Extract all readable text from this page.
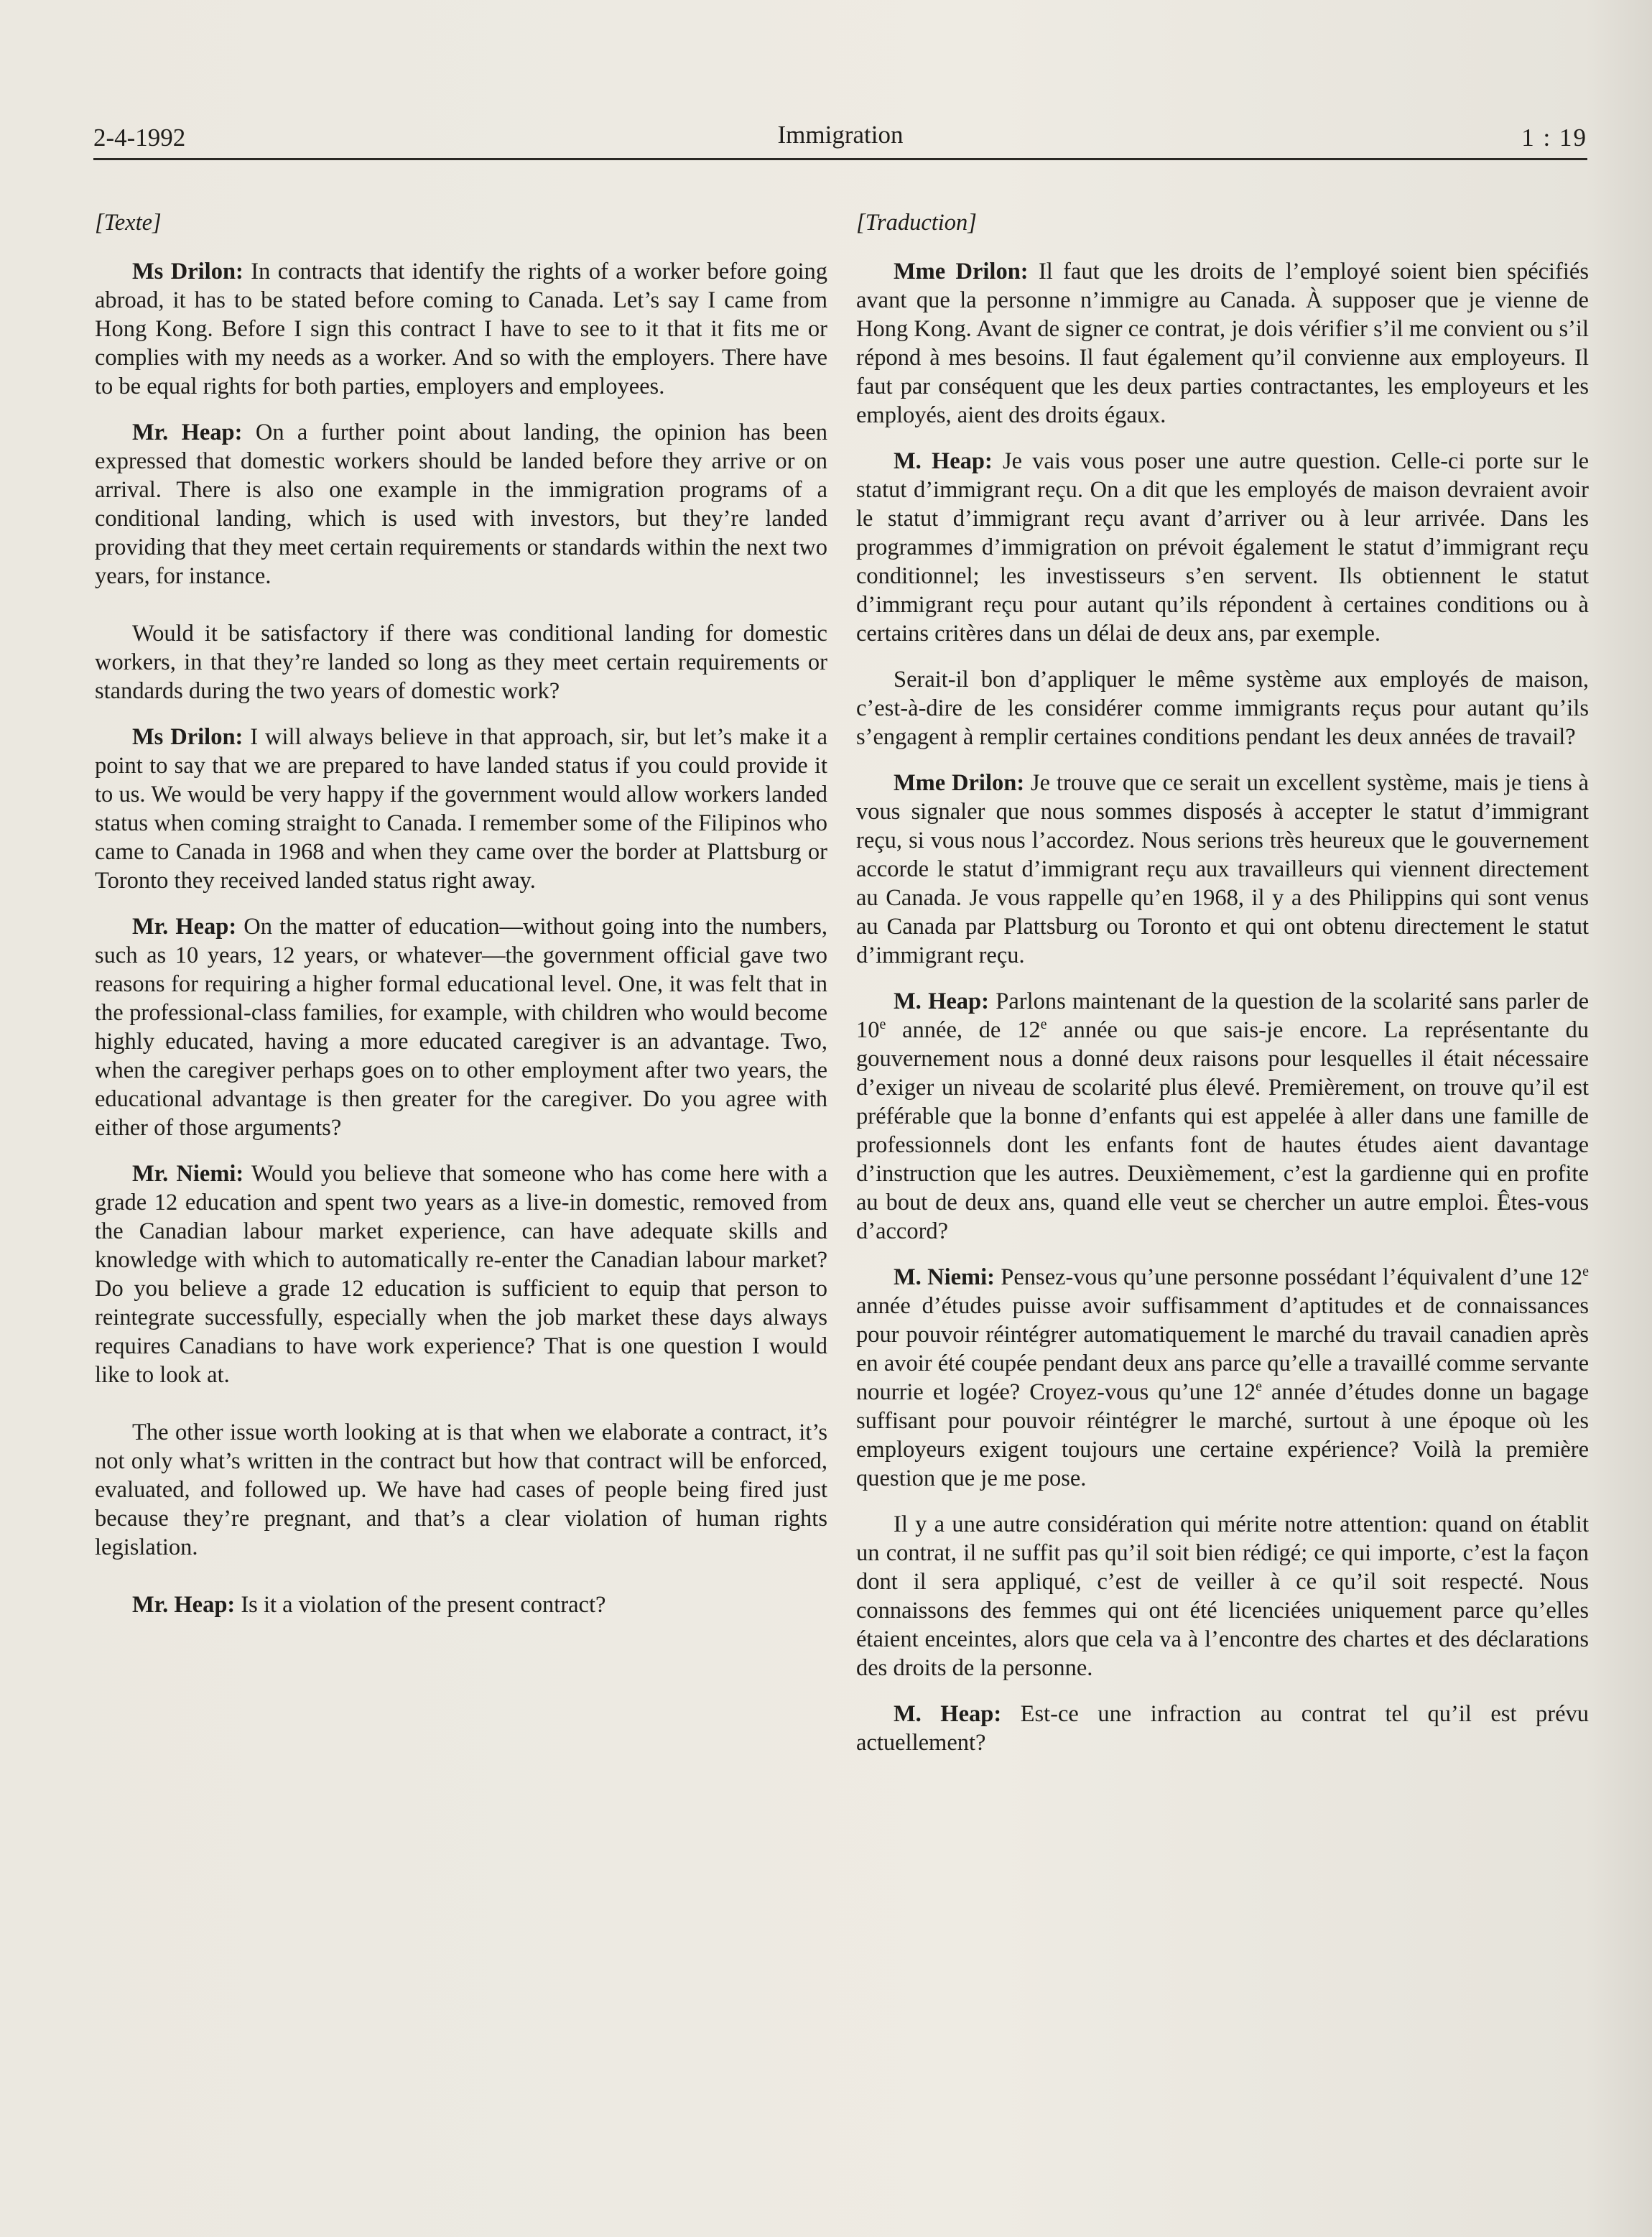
2-4-1992	Immigration	1 : 19

[Texte]

Ms Drilon: In contracts that identify the rights of a worker before going abroad, it has to be stated before coming to Canada. Let’s say I came from Hong Kong. Before I sign this contract I have to see to it that it fits me or complies with my needs as a worker. And so with the employers. There have to be equal rights for both parties, employers and employees.

Mr. Heap: On a further point about landing, the opinion has been expressed that domestic workers should be landed before they arrive or on arrival. There is also one example in the immigration programs of a conditional landing, which is used with investors, but they’re landed providing that they meet certain requirements or standards within the next two years, for instance.

Would it be satisfactory if there was conditional landing for domestic workers, in that they’re landed so long as they meet certain requirements or standards during the two years of domestic work?

Ms Drilon: I will always believe in that approach, sir, but let’s make it a point to say that we are prepared to have landed status if you could provide it to us. We would be very happy if the government would allow workers landed status when coming straight to Canada. I remember some of the Filipinos who came to Canada in 1968 and when they came over the border at Plattsburg or Toronto they received landed status right away.

Mr. Heap: On the matter of education—without going into the numbers, such as 10 years, 12 years, or whatever—the government official gave two reasons for requiring a higher formal educational level. One, it was felt that in the professional-class families, for example, with children who would become highly educated, having a more educated caregiver is an advantage. Two, when the caregiver perhaps goes on to other employment after two years, the educational advantage is then greater for the caregiver. Do you agree with either of those arguments?

Mr. Niemi: Would you believe that someone who has come here with a grade 12 education and spent two years as a live-in domestic, removed from the Canadian labour market experience, can have adequate skills and knowledge with which to automatically re-enter the Canadian labour market? Do you believe a grade 12 education is sufficient to equip that person to reintegrate successfully, especially when the job market these days always requires Canadians to have work experience? That is one question I would like to look at.

The other issue worth looking at is that when we elaborate a contract, it’s not only what’s written in the contract but how that contract will be enforced, evaluated, and followed up. We have had cases of people being fired just because they’re pregnant, and that’s a clear violation of human rights legislation.

Mr. Heap: Is it a violation of the present contract?

[Traduction]

Mme Drilon: Il faut que les droits de l’employé soient bien spécifiés avant que la personne n’immigre au Canada. À supposer que je vienne de Hong Kong. Avant de signer ce contrat, je dois vérifier s’il me convient ou s’il répond à mes besoins. Il faut également qu’il convienne aux employeurs. Il faut par conséquent que les deux parties contractantes, les employeurs et les employés, aient des droits égaux.

M. Heap: Je vais vous poser une autre question. Celle-ci porte sur le statut d’immigrant reçu. On a dit que les employés de maison devraient avoir le statut d’immigrant reçu avant d’arriver ou à leur arrivée. Dans les programmes d’immigration on prévoit également le statut d’immigrant reçu conditionnel; les investisseurs s’en servent. Ils obtiennent le statut d’immigrant reçu pour autant qu’ils répondent à certaines conditions ou à certains critères dans un délai de deux ans, par exemple.

Serait-il bon d’appliquer le même système aux employés de maison, c’est-à-dire de les considérer comme immigrants reçus pour autant qu’ils s’engagent à remplir certaines conditions pendant les deux années de travail?

Mme Drilon: Je trouve que ce serait un excellent système, mais je tiens à vous signaler que nous sommes disposés à accepter le statut d’immigrant reçu, si vous nous l’accordez. Nous serions très heureux que le gouvernement accorde le statut d’immigrant reçu aux travailleurs qui viennent directement au Canada. Je vous rappelle qu’en 1968, il y a des Philippins qui sont venus au Canada par Plattsburg ou Toronto et qui ont obtenu directement le statut d’immigrant reçu.

M. Heap: Parlons maintenant de la question de la scolarité sans parler de 10e année, de 12e année ou que sais-je encore. La représentante du gouvernement nous a donné deux raisons pour lesquelles il était nécessaire d’exiger un niveau de scolarité plus élevé. Premièrement, on trouve qu’il est préférable que la bonne d’enfants qui est appelée à aller dans une famille de professionnels dont les enfants font de hautes études aient davantage d’instruction que les autres. Deuxièmement, c’est la gardienne qui en profite au bout de deux ans, quand elle veut se chercher un autre emploi. Êtes-vous d’accord?

M. Niemi: Pensez-vous qu’une personne possédant l’équivalent d’une 12e année d’études puisse avoir suffisamment d’aptitudes et de connaissances pour pouvoir réintégrer automatiquement le marché du travail canadien après en avoir été coupée pendant deux ans parce qu’elle a travaillé comme servante nourrie et logée? Croyez-vous qu’une 12e année d’études donne un bagage suffisant pour pouvoir réintégrer le marché, surtout à une époque où les employeurs exigent toujours une certaine expérience? Voilà la première question que je me pose.

Il y a une autre considération qui mérite notre attention: quand on établit un contrat, il ne suffit pas qu’il soit bien rédigé; ce qui importe, c’est la façon dont il sera appliqué, c’est de veiller à ce qu’il soit respecté. Nous connaissons des femmes qui ont été licenciées uniquement parce qu’elles étaient enceintes, alors que cela va à l’encontre des chartes et des déclarations des droits de la personne.

M. Heap: Est-ce une infraction au contrat tel qu’il est prévu actuellement?
